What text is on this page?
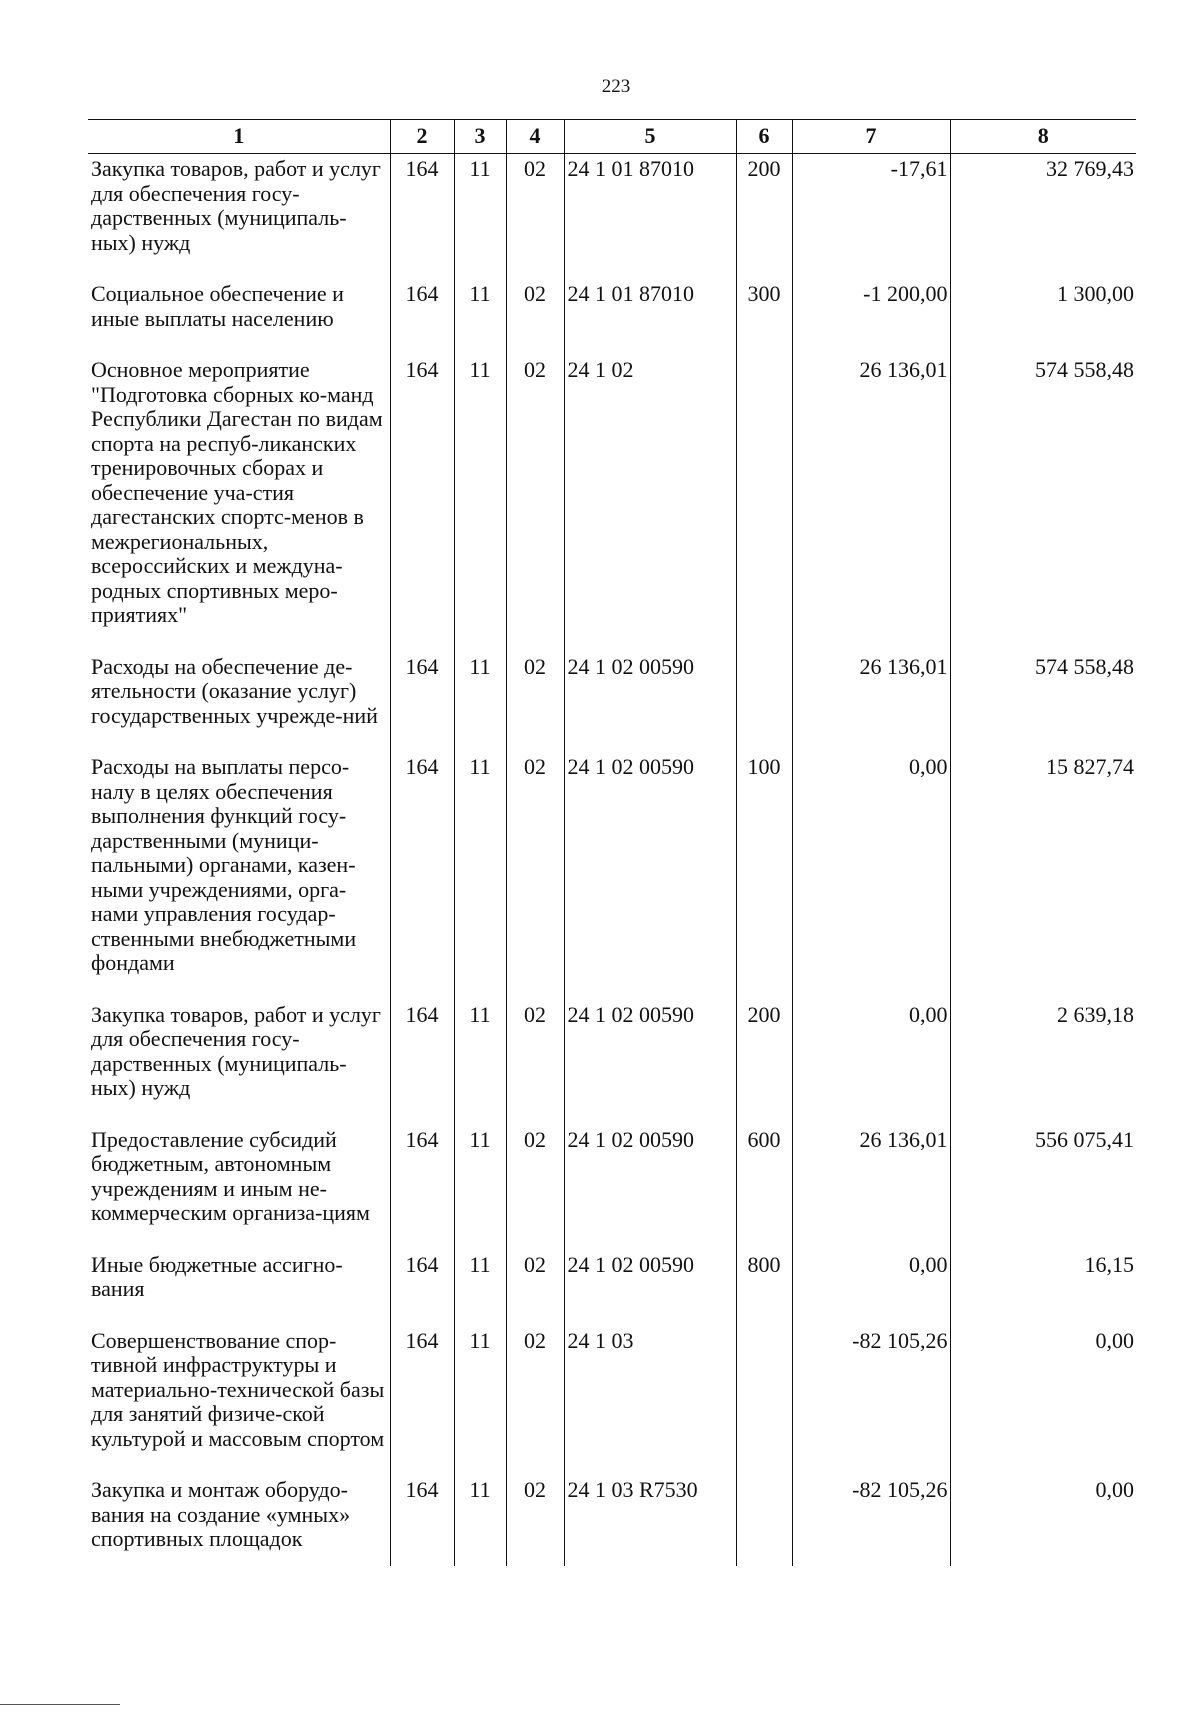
223
1	2	3	4	5	6	7	8
Закупка товаров, работ и услуг для обеспечения госу-дарственных (муниципаль-ных) нужд	164	11	02	24 1 01 87010	200	-17,61	32 769,43
Социальное обеспечение и иные выплаты населению	164	11	02	24 1 01 87010	300	-1 200,00	1 300,00
Основное мероприятие "Подготовка сборных ко-манд Республики Дагестан по видам спорта на респуб-ликанских тренировочных сборах и обеспечение уча-стия дагестанских спортс-менов в межрегиональных, всероссийских и междуна-родных спортивных меро-приятиях"	164	11	02	24 1 02		26 136,01	574 558,48
Расходы на обеспечение де-ятельности (оказание услуг) государственных учрежде-ний	164	11	02	24 1 02 00590		26 136,01	574 558,48
Расходы на выплаты персо-налу в целях обеспечения выполнения функций госу-дарственными (муници-пальными) органами, казен-ными учреждениями, орга-нами управления государ-ственными внебюджетными фондами	164	11	02	24 1 02 00590	100	0,00	15 827,74
Закупка товаров, работ и услуг для обеспечения госу-дарственных (муниципаль-ных) нужд	164	11	02	24 1 02 00590	200	0,00	2 639,18
Предоставление субсидий бюджетным, автономным учреждениям и иным не-коммерческим организа-циям	164	11	02	24 1 02 00590	600	26 136,01	556 075,41
Иные бюджетные ассигно-вания	164	11	02	24 1 02 00590	800	0,00	16,15
Совершенствование спор-тивной инфраструктуры и материально-технической базы для занятий физиче-ской культурой и массовым спортом	164	11	02	24 1 03		-82 105,26	0,00
Закупка и монтаж оборудо-вания на создание «умных» спортивных площадок	164	11	02	24 1 03 R7530		-82 105,26	0,00
